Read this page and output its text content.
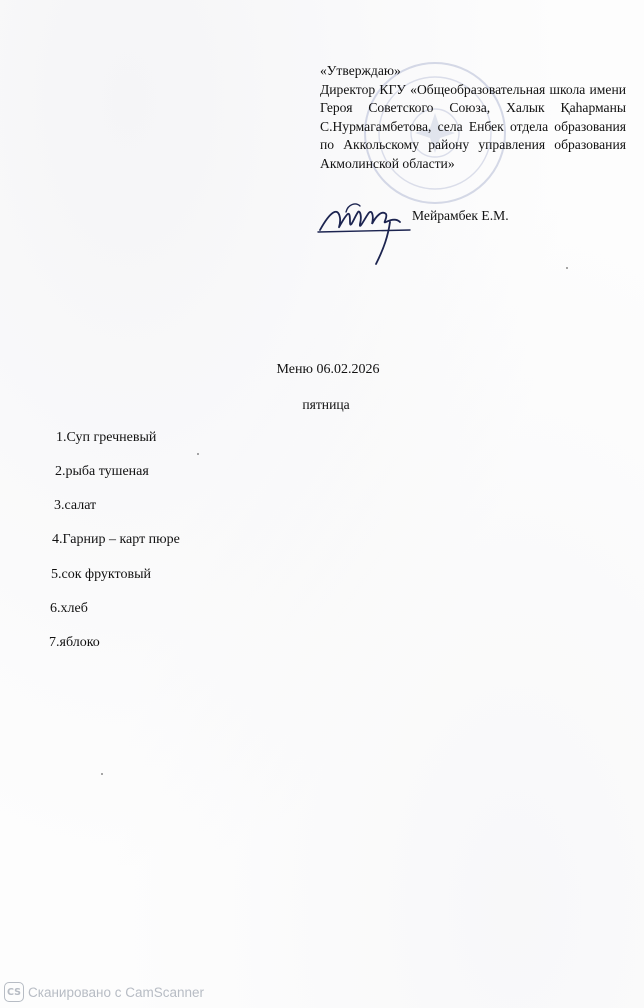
«Утверждаю»
Директор КГУ «Общеобразовательная школа имени Героя Советского Союза, Халык Қаһарманы С.Нурмагамбетова, села Енбек отдела образования по Аккольскому району управления образования Акмолинской области»
Мейрамбек Е.М.
Меню 06.02.2026
пятница
1.Суп гречневый
2.рыба тушеная
3.салат
4.Гарнир – карт пюре
5.сок фруктовый
6.хлеб
7.яблоко
CS Сканировано с CamScanner
